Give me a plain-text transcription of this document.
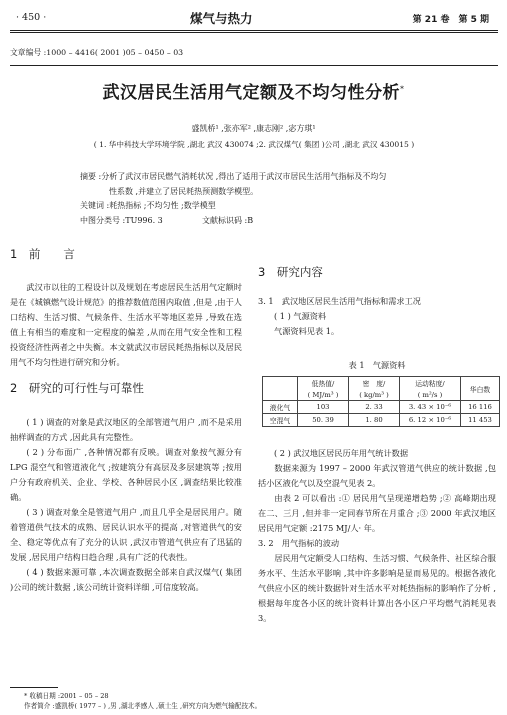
· 450 ·	煤气与热力	第 21 卷　第 5 期
文章编号 :1000 – 4416( 2001 )05 – 0450 – 03
武汉居民生活用气定额及不均匀性分析*
盛凯桥¹ ,张亦军² ,康志刚² ,宓方琪¹
( 1. 华中科技大学环境学院 ,湖北 武汉 430074 ;2. 武汉煤气( 集团 )公司 ,湖北 武汉 430015 )

摘要 :分析了武汉市居民燃气消耗状况 ,得出了适用于武汉市居民生活用气指标及不均匀

性系数 ,并建立了居民耗热预测数学模型。

关键词 :耗热指标 ;不均匀性 ;数学模型
中图分类号 :TU996. 3	文献标识码 :B
1　前　　言

武汉市以往的工程设计以及规划在考虑居民生活用气定额时是在《城镇燃气设计规范》的推荐数值范围内取值 ,但是 ,由于人口结构、生活习惯、气候条件、生活水平等地区差异 ,导致在选值上有相当的难度和一定程度的偏差 ,从而在用气安全性和工程投资经济性两者之中失衡。本文就武汉市居民耗热指标以及居民用气不均匀性进行研究和分析。

2　研究的可行性与可靠性

( 1 ) 调查的对象是武汉地区的全部管道气用户 ,而不是采用抽样调查的方式 ,因此具有完整性。

( 2 ) 分布面广 ,各种情况都有反映。调查对象按气源分有 LPG 混空气和管道液化气 ;按建筑分有高层及多层建筑等 ;按用户分有政府机关、企业、学校、各种居民小区 ,调查结果比较准确。

( 3 ) 调查对象全是管道气用户 ,而且几乎全是居民用户。随着管道供气技术的成熟、居民认识水平的提高 ,对管道供气的安全、稳定等优点有了充分的认识 ,武汉市管道气供应有了迅猛的发展 ,居民用户结构日趋合理 ,具有广泛的代表性。

( 4 ) 数据来源可靠 ,本次调查数据全部来自武汉煤气( 集团 )公司的统计数据 ,该公司统计资料详细 ,可信度较高。

3　研究内容
3. 1　武汉地区居民生活用气指标和需求工况
( 1 ) 气源资料
气源资料见表 1。
表 1　气源资料
	低热值/	密　度/	运动粘度/	华白数
	( MJ/m³ )	( kg/m³ )	( m²/s )	
液化气	103	2. 33	3. 43 × 10⁻⁶	16 116
空混气	50. 39	1. 80	6. 12 × 10⁻⁶	11 453
( 2 ) 武汉地区居民历年用气统计数据

数据来源为 1997 – 2000 年武汉管道气供应的统计数据 ,包括小区液化气以及空混气见表 2。

由表 2 可以看出 :① 居民用气呈现递增趋势 ;② 高峰期出现在二、三月 ,但并非一定同春节所在月重合 ;③ 2000 年武汉地区居民用气定额 :2175 MJ/人· 年。

3. 2　用气指标的波动

居民用气定额受人口结构、生活习惯、气候条件、社区综合服务水平、生活水平影响 ,其中许多影响是显而易见的。根据各液化气供应小区的统计数据针对生活水平对耗热指标的影响作了分析 ,根据每年度各小区的统计资料计算出各小区户平均燃气消耗见表 3。

* 收稿日期 :2001 – 05 – 28
作者简介 :盛凯桥( 1977 – ) ,男 ,湖北孝感人 ,硕士生 ,研究方向为燃气输配技术。
